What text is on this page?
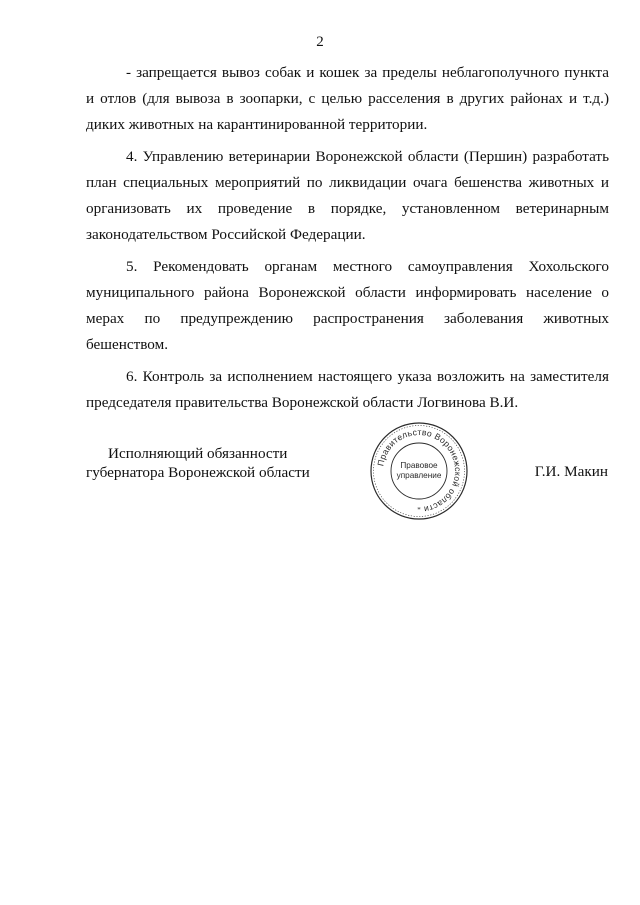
2

- запрещается вывоз собак и кошек за пределы неблагополучного пункта и отлов (для вывоза в зоопарки, с целью расселения в других районах и т.д.) диких животных на карантинированной территории.

4. Управлению ветеринарии Воронежской области (Першин) разработать план специальных мероприятий по ликвидации очага бешенства животных и организовать их проведение в порядке, установленном ветеринарным законодательством Российской Федерации.

5. Рекомендовать органам местного самоуправления Хохольского муниципального района Воронежской области информировать население о мерах по предупреждению распространения заболевания животных бешенством.

6. Контроль за исполнением настоящего указа возложить на заместителя председателя правительства Воронежской области Логвинова В.И.

Исполняющий обязанности
губернатора Воронежской области
Правительство Воронежской области
Правовое
управление
*
Г.И. Макин
